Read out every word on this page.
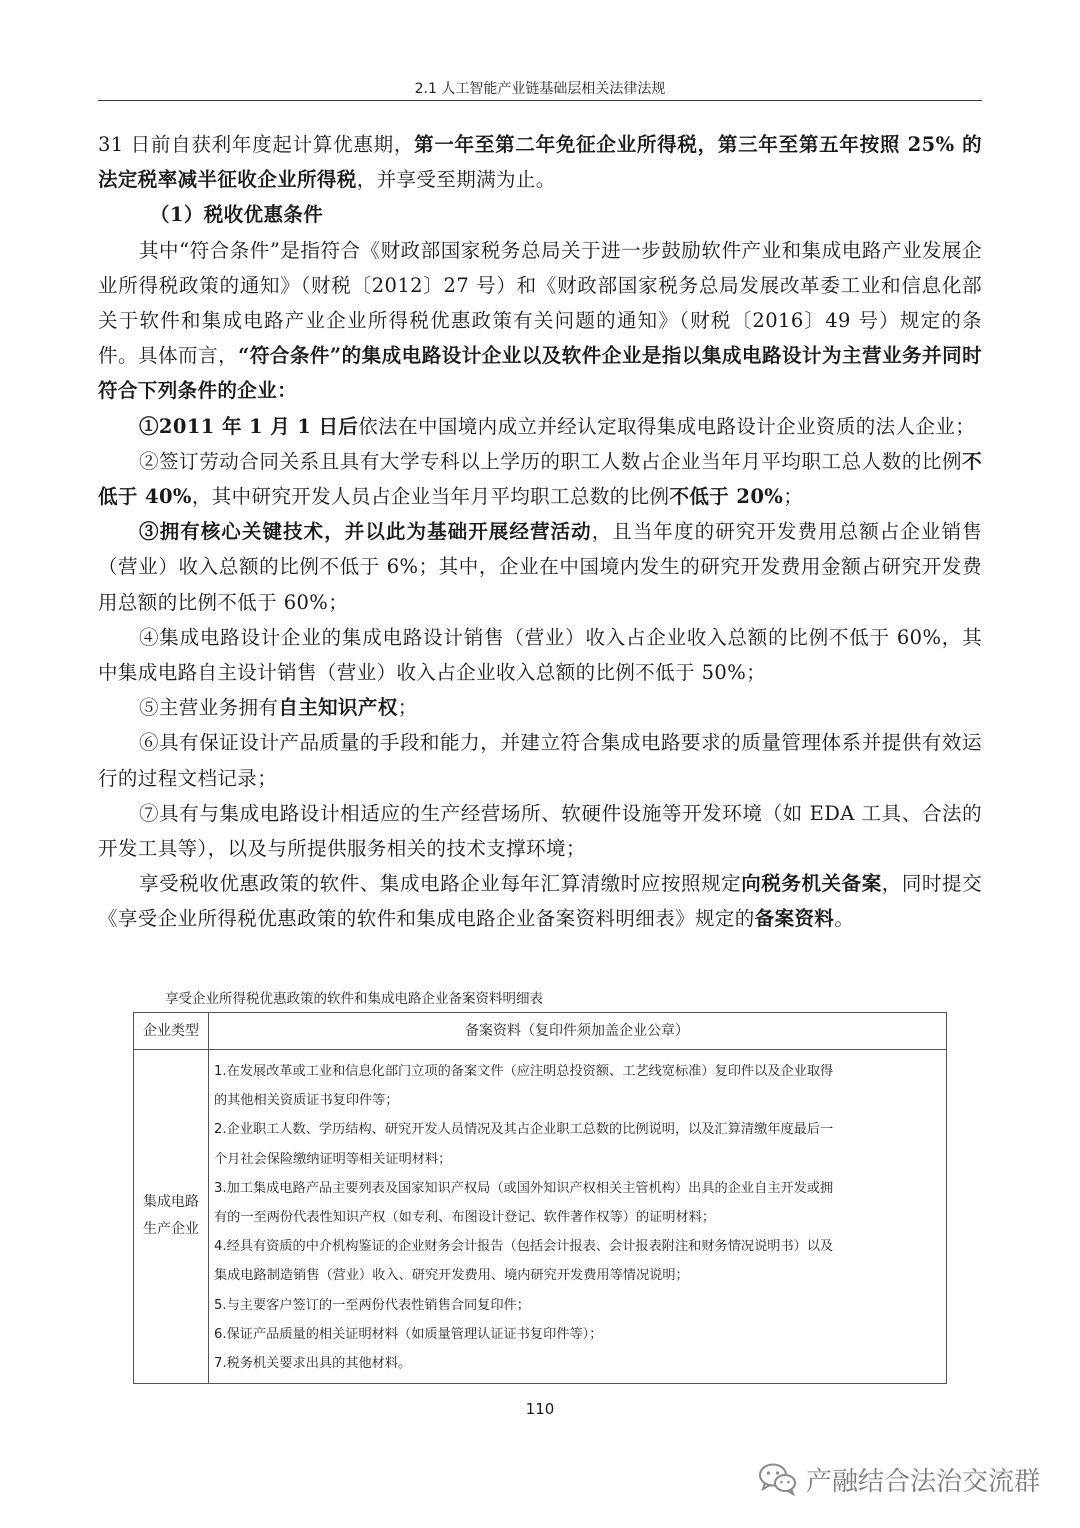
2.1 人工智能产业链基础层相关法律法规

31 日前自获利年度起计算优惠期，第一年至第二年免征企业所得税，第三年至第五年按照 25% 的法定税率减半征收企业所得税，并享受至期满为止。

（1）税收优惠条件

其中“符合条件”是指符合《财政部国家税务总局关于进一步鼓励软件产业和集成电路产业发展企业所得税政策的通知》（财税〔2012〕27 号）和《财政部国家税务总局发展改革委工业和信息化部关于软件和集成电路产业企业所得税优惠政策有关问题的通知》（财税〔2016〕49 号）规定的条件。具体而言，“符合条件”的集成电路设计企业以及软件企业是指以集成电路设计为主营业务并同时符合下列条件的企业：

①2011 年 1 月 1 日后依法在中国境内成立并经认定取得集成电路设计企业资质的法人企业；

②签订劳动合同关系且具有大学专科以上学历的职工人数占企业当年月平均职工总人数的比例不低于 40%，其中研究开发人员占企业当年月平均职工总数的比例不低于 20%；

③拥有核心关键技术，并以此为基础开展经营活动，且当年度的研究开发费用总额占企业销售（营业）收入总额的比例不低于 6%；其中，企业在中国境内发生的研究开发费用金额占研究开发费用总额的比例不低于 60%；

④集成电路设计企业的集成电路设计销售（营业）收入占企业收入总额的比例不低于 60%，其中集成电路自主设计销售（营业）收入占企业收入总额的比例不低于 50%；

⑤主营业务拥有自主知识产权；

⑥具有保证设计产品质量的手段和能力，并建立符合集成电路要求的质量管理体系并提供有效运行的过程文档记录；

⑦具有与集成电路设计相适应的生产经营场所、软硬件设施等开发环境（如 EDA 工具、合法的开发工具等），以及与所提供服务相关的技术支撑环境；

享受税收优惠政策的软件、集成电路企业每年汇算清缴时应按照规定向税务机关备案，同时提交《享受企业所得税优惠政策的软件和集成电路企业备案资料明细表》规定的备案资料。

享受企业所得税优惠政策的软件和集成电路企业备案资料明细表
企业类型	备案资料（复印件须加盖企业公章）
集成电路
生产企业
1.在发展改革或工业和信息化部门立项的备案文件（应注明总投资额、工艺线宽标准）复印件以及企业取得
的其他相关资质证书复印件等；
2.企业职工人数、学历结构、研究开发人员情况及其占企业职工总数的比例说明，以及汇算清缴年度最后一
个月社会保险缴纳证明等相关证明材料；
3.加工集成电路产品主要列表及国家知识产权局（或国外知识产权相关主管机构）出具的企业自主开发或拥
有的一至两份代表性知识产权（如专利、布图设计登记、软件著作权等）的证明材料；
4.经具有资质的中介机构鉴证的企业财务会计报告（包括会计报表、会计报表附注和财务情况说明书）以及
集成电路制造销售（营业）收入、研究开发费用、境内研究开发费用等情况说明；
5.与主要客户签订的一至两份代表性销售合同复印件；
6.保证产品质量的相关证明材料（如质量管理认证证书复印件等）；
7.税务机关要求出具的其他材料。
110
产融结合法治交流群
